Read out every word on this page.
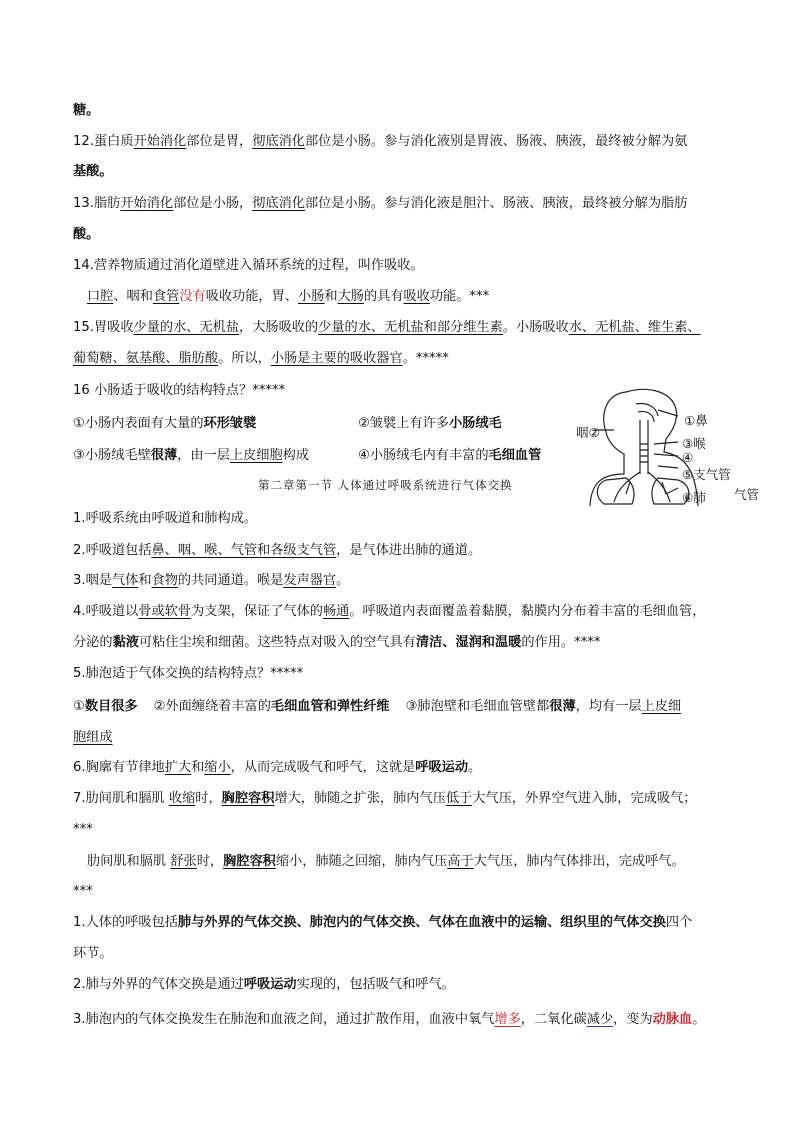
糖。
12.蛋白质开始消化部位是胃，彻底消化部位是小肠。参与消化液别是胃液、肠液、胰液，最终被分解为氨
基酸。
13.脂肪开始消化部位是小肠，彻底消化部位是小肠。参与消化液是胆汁、肠液、胰液，最终被分解为脂肪
酸。
14.营养物质通过消化道壁进入循环系统的过程，叫作吸收。
口腔、咽和食管没有吸收功能，胃、小肠和大肠的具有吸收功能。***
15.胃吸收少量的水、无机盐，大肠吸收的少量的水、无机盐和部分维生素。小肠吸收水、无机盐、维生素、
葡萄糖、氨基酸、脂肪酸。所以，小肠是主要的吸收器官。*****
16 小肠适于吸收的结构特点？*****
①小肠内表面有大量的环形皱襞	②皱襞上有许多小肠绒毛
③小肠绒毛壁很薄，由一层上皮细胞构成	④小肠绒毛内有丰富的毛细血管
第二章第一节 人体通过呼吸系统进行气体交换
①鼻
③喉
④
⑤支气管
⑥肺
咽②
气管
1.呼吸系统由呼吸道和肺构成。
2.呼吸道包括鼻、咽、喉、气管和各级支气管，是气体进出肺的通道。
3.咽是气体和食物的共同通道。喉是发声器官。
4.呼吸道以骨或软骨为支架，保证了气体的畅通。呼吸道内表面覆盖着黏膜，黏膜内分布着丰富的毛细血管，
分泌的黏液可粘住尘埃和细菌。这些特点对吸入的空气具有清洁、湿润和温暖的作用。****
5.肺泡适于气体交换的结构特点？*****
①数目很多 ②外面缠绕着丰富的毛细血管和弹性纤维 ③肺泡壁和毛细血管壁都很薄，均有一层上皮细
胞组成
6.胸廓有节律地扩大和缩小，从而完成吸气和呼气，这就是呼吸运动。
7.肋间肌和膈肌 收缩时，胸腔容积增大，肺随之扩张，肺内气压低于大气压，外界空气进入肺，完成吸气；
***
肋间肌和膈肌 舒张时，胸腔容积缩小，肺随之回缩，肺内气压高于大气压，肺内气体排出，完成呼气。
***
1.人体的呼吸包括肺与外界的气体交换、肺泡内的气体交换、气体在血液中的运输、组织里的气体交换四个
环节。
2.肺与外界的气体交换是通过呼吸运动实现的，包括吸气和呼气。
3.肺泡内的气体交换发生在肺泡和血液之间，通过扩散作用，血液中氧气增多，二氧化碳减少，变为动脉血。
